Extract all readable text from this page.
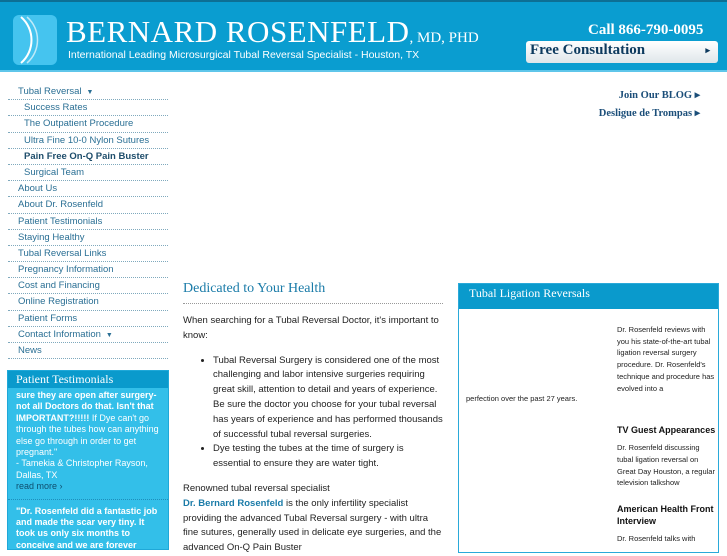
BERNARD ROSENFELD, MD, PHD
International Leading Microsurgical Tubal Reversal Specialist - Houston, TX
Call 866-790-0095
Free Consultation	▸
Tubal Reversal ▼
Success Rates
The Outpatient Procedure
Ultra Fine 10-0 Nylon Sutures
Pain Free On-Q Pain Buster
Surgical Team
About Us
About Dr. Rosenfeld
Patient Testimonials
Staying Healthy
Tubal Reversal Links
Pregnancy Information
Cost and Financing
Online Registration
Patient Forms
Contact Information ▼
News
Patient Testimonials
sure they are open after surgery- not all Doctors do that. Isn't that IMPORTANT?!!!!! If Dye can't go through the tubes how can anything else go through in order to get pregnant."
- Tamekia & Christopher Rayson, Dallas, TX
read more ›
"Dr. Rosenfeld did a fantastic job and made the scar very tiny. It took us only six months to conceive and we are forever
Join Our BLOG ▸
Desligue de Trompas ▸
Dedicated to Your Health

When searching for a Tubal Reversal Doctor, it's important to know:

• Tubal Reversal Surgery is considered one of the most challenging and labor intensive surgeries requiring great skill, attention to detail and years of experience. Be sure the doctor you choose for your tubal reversal has years of experience and has performed thousands of successful tubal reversal surgeries.
• Dye testing the tubes at the time of surgery is essential to ensure they are water tight.

Renowned tubal reversal specialist
Dr. Bernard Rosenfeld is the only infertility specialist providing the advanced Tubal Reversal surgery - with ultra fine sutures, generally used in delicate eye surgeries, and the advanced On-Q Pain Buster

Tubal Ligation Reversals
perfection over the past 27 years.

Dr. Rosenfeld reviews with you his state-of-the-art tubal ligation reversal surgery procedure. Dr. Rosenfeld's technique and procedure has evolved into a

TV Guest Appearances

Dr. Rosenfeld discussing tubal ligation reversal on Great Day Houston, a regular television talkshow

American Health Front Interview

Dr. Rosenfeld talks with
